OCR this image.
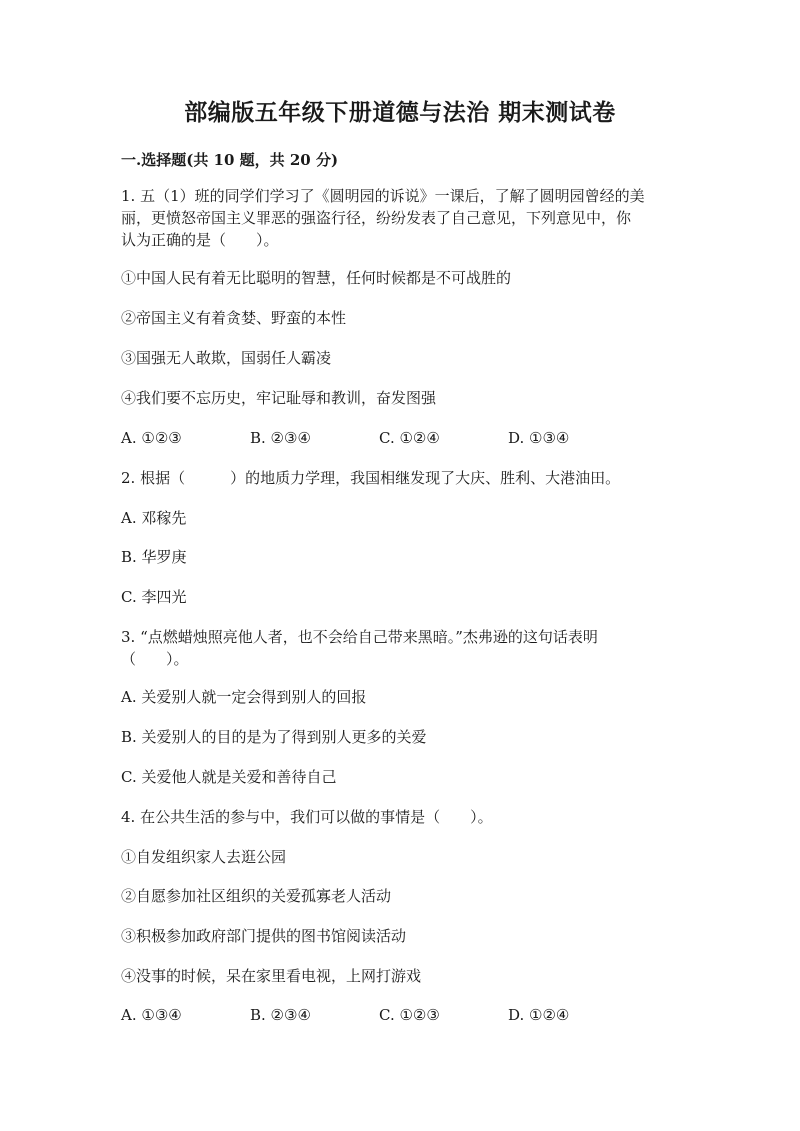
部编版五年级下册道德与法治 期末测试卷
一.选择题(共 10 题，共 20 分)
1. 五（1）班的同学们学习了《圆明园的诉说》一课后，了解了圆明园曾经的美
丽，更愤怒帝国主义罪恶的强盗行径，纷纷发表了自己意见，下列意见中，你
认为正确的是（　　）。
①中国人民有着无比聪明的智慧，任何时候都是不可战胜的
②帝国主义有着贪婪、野蛮的本性
③国强无人敢欺，国弱任人霸凌
④我们要不忘历史，牢记耻辱和教训，奋发图强
A. ①②③	B. ②③④	C. ①②④	D. ①③④
2. 根据（　　　）的地质力学理，我国相继发现了大庆、胜利、大港油田。
A. 邓稼先
B. 华罗庚
C. 李四光
3. “点燃蜡烛照亮他人者，也不会给自己带来黑暗。”杰弗逊的这句话表明
（　　）。
A. 关爱别人就一定会得到别人的回报
B. 关爱别人的目的是为了得到别人更多的关爱
C. 关爱他人就是关爱和善待自己
4. 在公共生活的参与中，我们可以做的事情是（　　）。
①自发组织家人去逛公园
②自愿参加社区组织的关爱孤寡老人活动
③积极参加政府部门提供的图书馆阅读活动
④没事的时候，呆在家里看电视，上网打游戏
A. ①③④	B. ②③④	C. ①②③	D. ①②④
